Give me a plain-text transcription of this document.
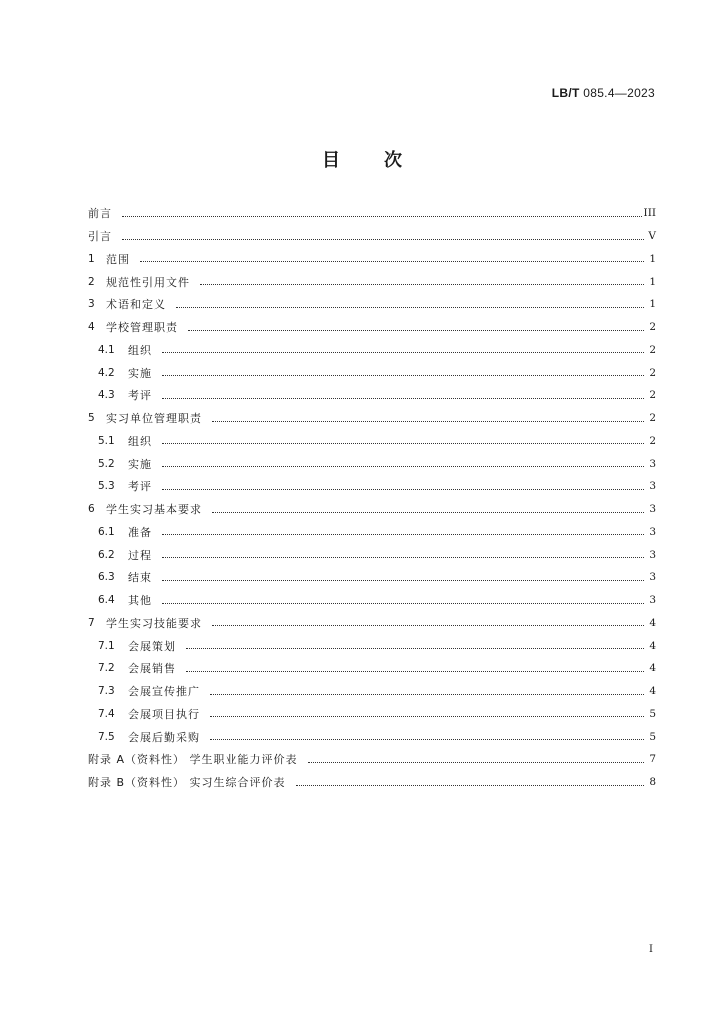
LB/T 085.4—2023
目 次
前言	III
引言	V
1	范围	1
2	规范性引用文件	1
3	术语和定义	1
4	学校管理职责	2
4.1	组织	2
4.2	实施	2
4.3	考评	2
5	实习单位管理职责	2
5.1	组织	2
5.2	实施	3
5.3	考评	3
6	学生实习基本要求	3
6.1	准备	3
6.2	过程	3
6.3	结束	3
6.4	其他	3
7	学生实习技能要求	4
7.1	会展策划	4
7.2	会展销售	4
7.3	会展宣传推广	4
7.4	会展项目执行	5
7.5	会展后勤采购	5
附录 A（资料性） 学生职业能力评价表	7
附录 B（资料性） 实习生综合评价表	8
I
